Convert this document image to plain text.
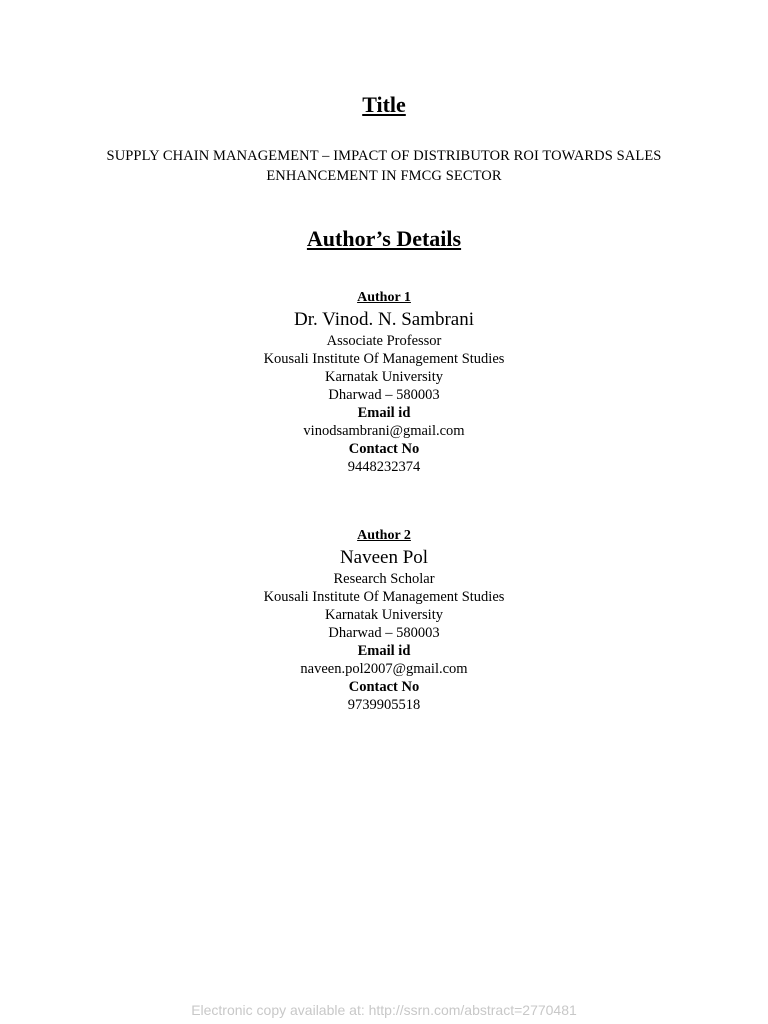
Title
SUPPLY CHAIN MANAGEMENT – IMPACT OF DISTRIBUTOR ROI TOWARDS SALES
ENHANCEMENT IN FMCG SECTOR
Author’s Details
Author 1
Dr. Vinod. N. Sambrani
Associate Professor
Kousali Institute Of Management Studies
Karnatak University
Dharwad – 580003
Email id
vinodsambrani@gmail.com
Contact No
9448232374
Author 2
Naveen Pol
Research Scholar
Kousali Institute Of Management Studies
Karnatak University
Dharwad – 580003
Email id
naveen.pol2007@gmail.com
Contact No
9739905518
Electronic copy available at: http://ssrn.com/abstract=2770481
